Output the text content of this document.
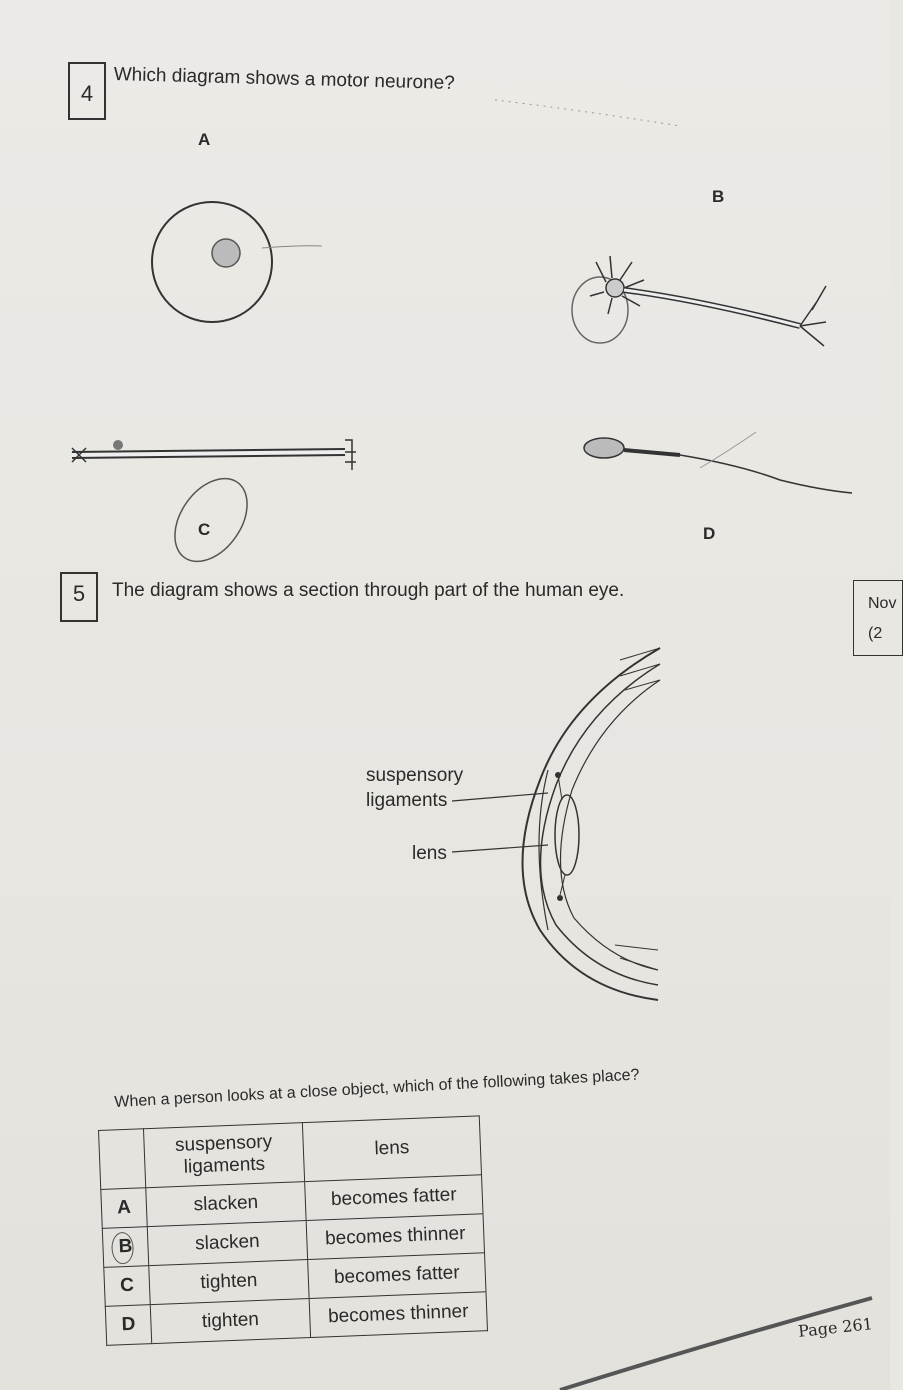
4	Which diagram shows a motor neurone?
A
B
C	D
5	The diagram shows a section through part of the human eye.
suspensory
ligaments
lens
When a person looks at a close object, which of the following takes place?
	suspensory
ligaments	lens
A	slacken	becomes fatter
B	slacken	becomes thinner
C	tighten	becomes fatter
D	tighten	becomes thinner
Nov
(2
Page 261
